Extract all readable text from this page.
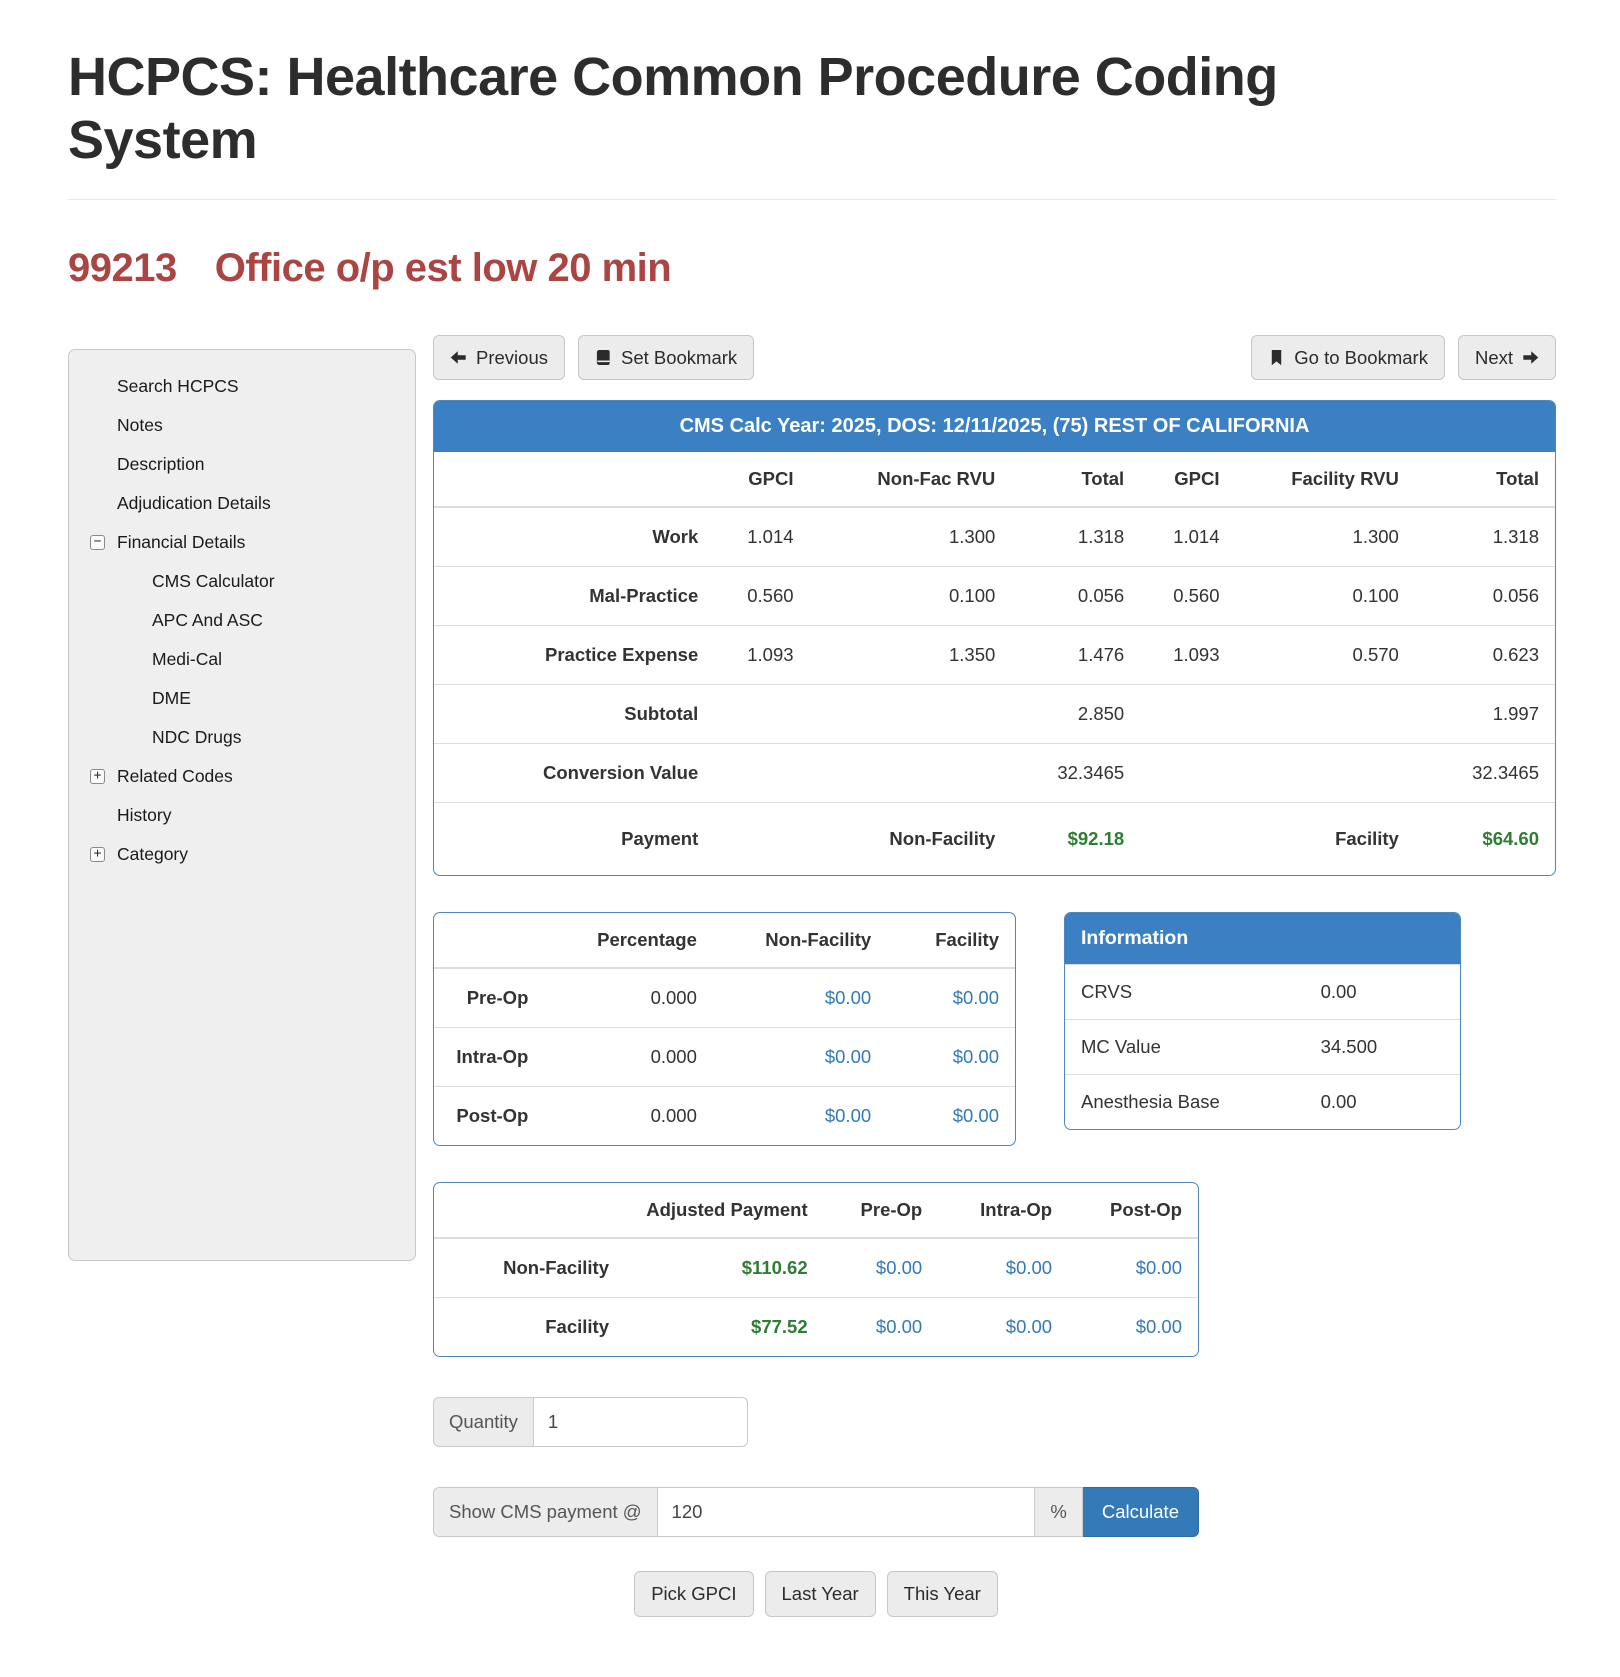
HCPCS: Healthcare Common Procedure Coding System
99213 Office o/p est low 20 min
Search HCPCS
Notes
Description
Adjudication Details
− Financial Details
CMS Calculator
APC And ASC
Medi-Cal
DME
NDC Drugs
+ Related Codes
History
+ Category
Previous	Set Bookmark	Go to Bookmark	Next
CMS Calc Year: 2025, DOS: 12/11/2025, (75) REST OF CALIFORNIA
	GPCI	Non-Fac RVU	Total	GPCI	Facility RVU	Total
Work	1.014	1.300	1.318	1.014	1.300	1.318
Mal-Practice	0.560	0.100	0.056	0.560	0.100	0.056
Practice Expense	1.093	1.350	1.476	1.093	0.570	0.623
Subtotal			2.850			1.997
Conversion Value			32.3465			32.3465
Payment		Non-Facility	$92.18		Facility	$64.60
	Percentage	Non-Facility	Facility
Pre-Op	0.000	$0.00	$0.00
Intra-Op	0.000	$0.00	$0.00
Post-Op	0.000	$0.00	$0.00
Information
CRVS	0.00
MC Value	34.500
Anesthesia Base	0.00
	Adjusted Payment	Pre-Op	Intra-Op	Post-Op
Non-Facility	$110.62	$0.00	$0.00	$0.00
Facility	$77.52	$0.00	$0.00	$0.00
Quantity
1
Show CMS payment @
120	%	Calculate
Pick GPCI	Last Year	This Year
